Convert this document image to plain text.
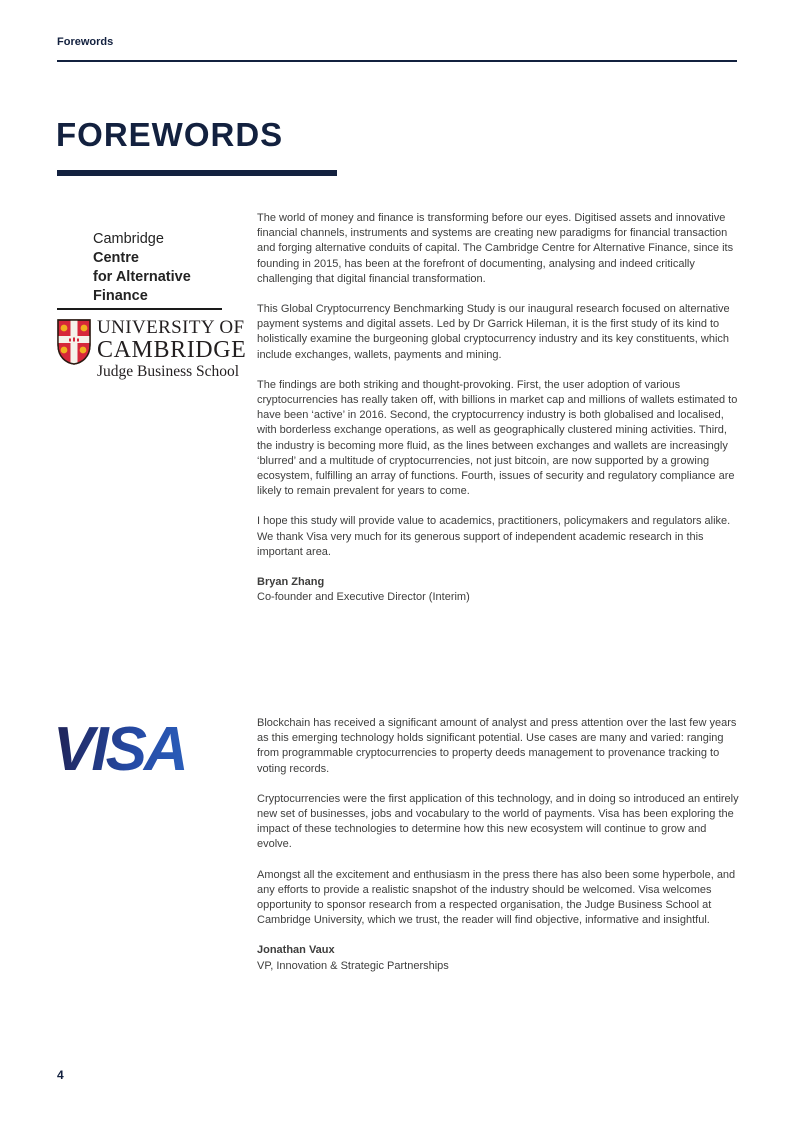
Forewords
FOREWORDS
Cambridge
Centre
for Alternative
Finance
UNIVERSITY OF
CAMBRIDGE
Judge Business School

The world of money and finance is transforming before our eyes. Digitised assets and innovative financial channels, instruments and systems are creating new paradigms for financial transaction and forging alternative conduits of capital. The Cambridge Centre for Alternative Finance, since its founding in 2015, has been at the forefront of documenting, analysing and indeed critically challenging that digital financial transformation.

This Global Cryptocurrency Benchmarking Study is our inaugural research focused on alternative payment systems and digital assets. Led by Dr Garrick Hileman, it is the first study of its kind to holistically examine the burgeoning global cryptocurrency industry and its key constituents, which include exchanges, wallets, payments and mining.

The findings are both striking and thought-provoking. First, the user adoption of various cryptocurrencies has really taken off, with billions in market cap and millions of wallets estimated to have been ‘active’ in 2016. Second, the cryptocurrency industry is both globalised and localised, with borderless exchange operations, as well as geographically clustered mining activities. Third, the industry is becoming more fluid, as the lines between exchanges and wallets are increasingly ‘blurred’ and a multitude of cryptocurrencies, not just bitcoin, are now supported by a growing ecosystem, fulfilling an array of functions. Fourth, issues of security and regulatory compliance are likely to remain prevalent for years to come.

I hope this study will provide value to academics, practitioners, policymakers and regulators alike. We thank Visa very much for its generous support of independent academic research in this important area.

Bryan Zhang
Co-founder and Executive Director (Interim)
VISA	Blockchain has received a significant amount of analyst and press attention over the last few years as this emerging technology holds significant potential. Use cases are many and varied: ranging from programmable cryptocurrencies to property deeds management to provenance tracking to voting records.

Cryptocurrencies were the first application of this technology, and in doing so introduced an entirely new set of businesses, jobs and vocabulary to the world of payments. Visa has been exploring the impact of these technologies to determine how this new ecosystem will continue to grow and evolve.

Amongst all the excitement and enthusiasm in the press there has also been some hyperbole, and any efforts to provide a realistic snapshot of the industry should be welcomed. Visa welcomes opportunity to sponsor research from a respected organisation, the Judge Business School at Cambridge University, which we trust, the reader will find objective, informative and insightful.

Jonathan Vaux
VP, Innovation & Strategic Partnerships
4
